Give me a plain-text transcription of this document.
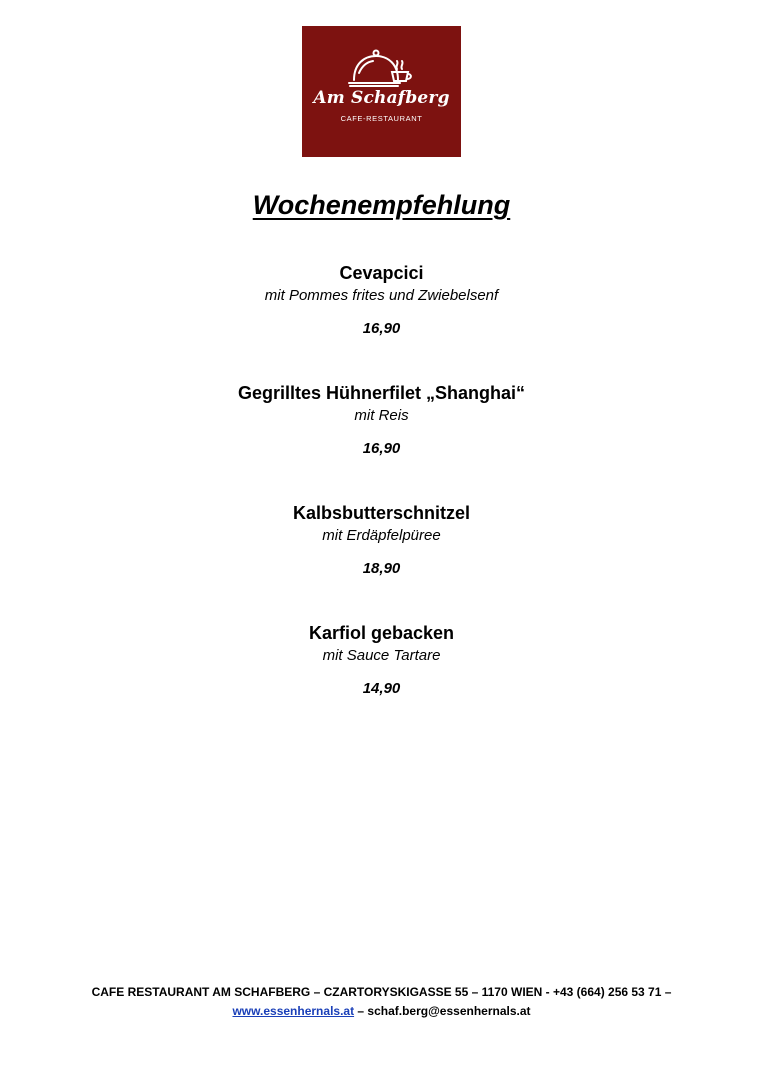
Am Schafberg
CAFE-RESTAURANT
Wochenempfehlung
Cevapcici
mit Pommes frites und Zwiebelsenf
16,90
Gegrilltes Hühnerfilet „Shanghai“
mit Reis
16,90
Kalbsbutterschnitzel
mit Erdäpfelpüree
18,90
Karfiol gebacken
mit Sauce Tartare
14,90
CAFE RESTAURANT AM SCHAFBERG – CZARTORYSKIGASSE 55 – 1170 WIEN - +43 (664) 256 53 71 –
www.essenhernals.at – schaf.berg@essenhernals.at
